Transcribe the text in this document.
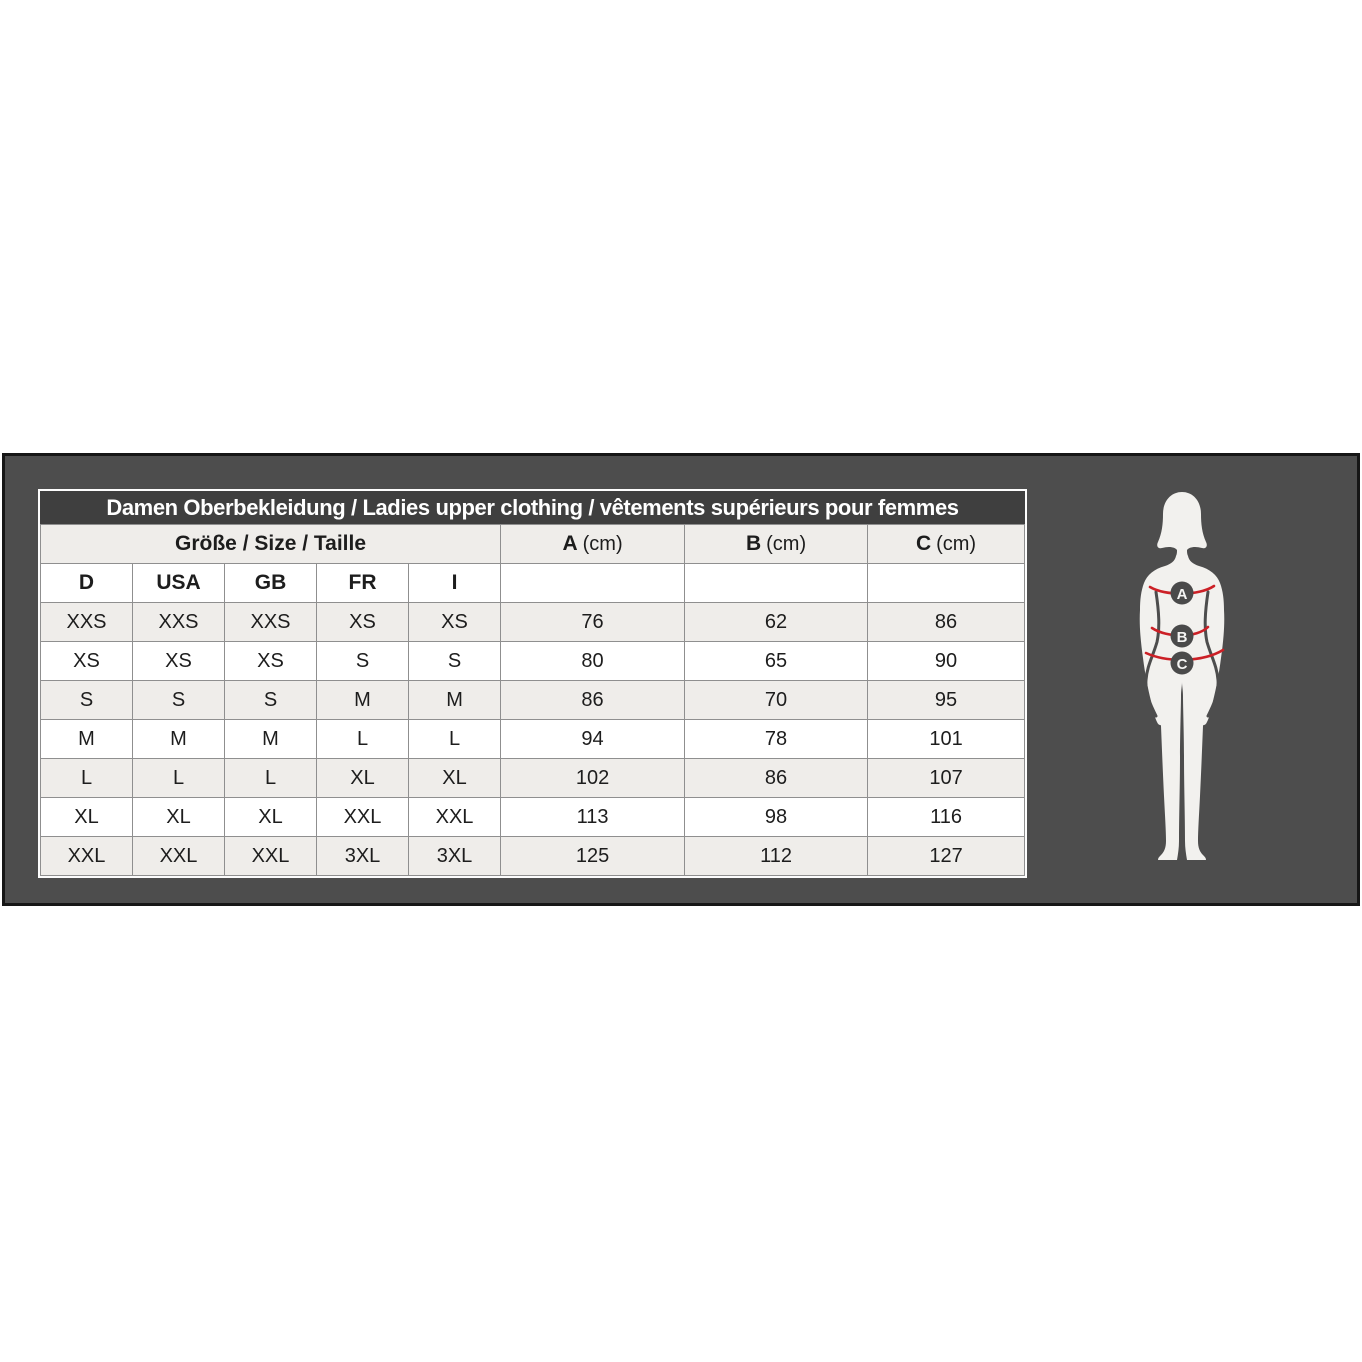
Damen Oberbekleidung / Ladies upper clothing / vêtements supérieurs pour femmes
Größe / Size / Taille					A (cm)	B (cm)	C (cm)
D	USA	GB	FR	I			
XXS	XXS	XXS	XS	XS	76	62	86
XS	XS	XS	S	S	80	65	90
S	S	S	M	M	86	70	95
M	M	M	L	L	94	78	101
L	L	L	XL	XL	102	86	107
XL	XL	XL	XXL	XXL	113	98	116
XXL	XXL	XXL	3XL	3XL	125	112	127
A
B
C
